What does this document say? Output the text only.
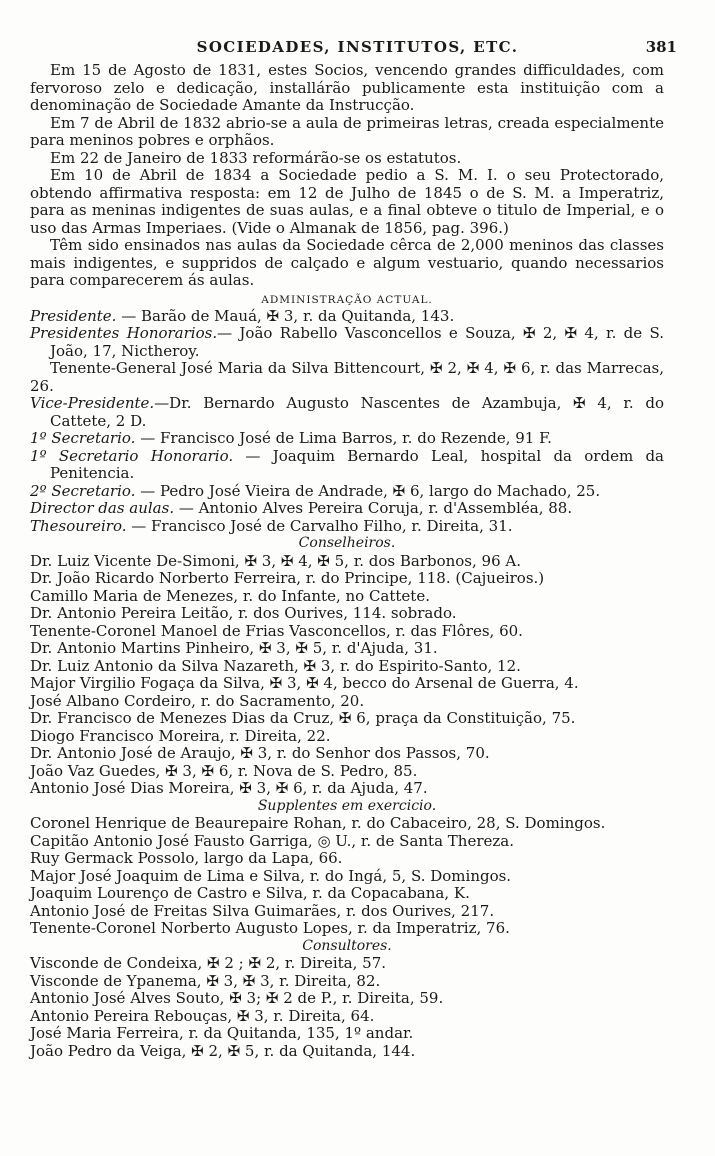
SOCIEDADES, INSTITUTOS, ETC.	381

Em 15 de Agosto de 1831, estes Socios, vencendo grandes difficuldades, com fervoroso zelo e dedicação, installárão publicamente esta instituição com a denominação de Sociedade Amante da Instrucção.

Em 7 de Abril de 1832 abrio-se a aula de primeiras letras, creada especialmente para meninos pobres e orphãos.

Em 22 de Janeiro de 1833 reformárão-se os estatutos.

Em 10 de Abril de 1834 a Sociedade pedio a S. M. I. o seu Protectorado, obtendo affirmativa resposta: em 12 de Julho de 1845 o de S. M. a Imperatriz, para as meninas indigentes de suas aulas, e a final obteve o titulo de Imperial, e o uso das Armas Imperiaes. (Vide o Almanak de 1856, pag. 396.)

Têm sido ensinados nas aulas da Sociedade cêrca de 2,000 meninos das classes mais indigentes, e suppridos de calçado e algum vestuario, quando necessarios para comparecerem ás aulas.

ADMINISTRAÇÃO ACTUAL.

Presidente. — Barão de Mauá, ✠ 3, r. da Quitanda, 143.

Presidentes Honorarios.— João Rabello Vasconcellos e Souza, ✠ 2, ✠ 4, r. de S. João, 17, Nictheroy.

Tenente-General José Maria da Silva Bittencourt, ✠ 2, ✠ 4, ✠ 6, r. das Marrecas, 26.

Vice-Presidente.—Dr. Bernardo Augusto Nascentes de Azambuja, ✠ 4, r. do Cattete, 2 D.

1º Secretario. — Francisco José de Lima Barros, r. do Rezende, 91 F.

1º Secretario Honorario. — Joaquim Bernardo Leal, hospital da ordem da Penitencia.

2º Secretario. — Pedro José Vieira de Andrade, ✠ 6, largo do Machado, 25.

Director das aulas. — Antonio Alves Pereira Coruja, r. d'Assembléa, 88.

Thesoureiro. — Francisco José de Carvalho Filho, r. Direita, 31.

Conselheiros.

Dr. Luiz Vicente De-Simoni, ✠ 3, ✠ 4, ✠ 5, r. dos Barbonos, 96 A.

Dr. João Ricardo Norberto Ferreira, r. do Principe, 118. (Cajueiros.)

Camillo Maria de Menezes, r. do Infante, no Cattete.

Dr. Antonio Pereira Leitão, r. dos Ourives, 114. sobrado.

Tenente-Coronel Manoel de Frias Vasconcellos, r. das Flôres, 60.

Dr. Antonio Martins Pinheiro, ✠ 3, ✠ 5, r. d'Ajuda, 31.

Dr. Luiz Antonio da Silva Nazareth, ✠ 3, r. do Espirito-Santo, 12.

Major Virgilio Fogaça da Silva, ✠ 3, ✠ 4, becco do Arsenal de Guerra, 4.

José Albano Cordeiro, r. do Sacramento, 20.

Dr. Francisco de Menezes Dias da Cruz, ✠ 6, praça da Constituição, 75.

Diogo Francisco Moreira, r. Direita, 22.

Dr. Antonio José de Araujo, ✠ 3, r. do Senhor dos Passos, 70.

João Vaz Guedes, ✠ 3, ✠ 6, r. Nova de S. Pedro, 85.

Antonio José Dias Moreira, ✠ 3, ✠ 6, r. da Ajuda, 47.

Supplentes em exercicio.

Coronel Henrique de Beaurepaire Rohan, r. do Cabaceiro, 28, S. Domingos.

Capitão Antonio José Fausto Garriga, ◎ U., r. de Santa Thereza.

Ruy Germack Possolo, largo da Lapa, 66.

Major José Joaquim de Lima e Silva, r. do Ingá, 5, S. Domingos.

Joaquim Lourenço de Castro e Silva, r. da Copacabana, K.

Antonio José de Freitas Silva Guimarães, r. dos Ourives, 217.

Tenente-Coronel Norberto Augusto Lopes, r. da Imperatriz, 76.

Consultores.

Visconde de Condeixa, ✠ 2 ; ✠ 2, r. Direita, 57.

Visconde de Ypanema, ✠ 3, ✠ 3, r. Direita, 82.

Antonio José Alves Souto, ✠ 3; ✠ 2 de P., r. Direita, 59.

Antonio Pereira Rebouças, ✠ 3, r. Direita, 64.

José Maria Ferreira, r. da Quitanda, 135, 1º andar.

João Pedro da Veiga, ✠ 2, ✠ 5, r. da Quitanda, 144.
